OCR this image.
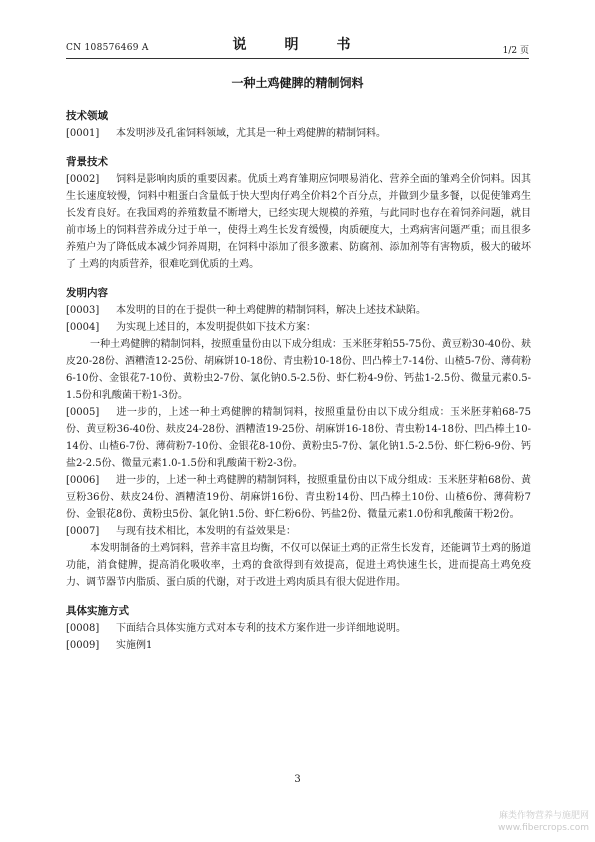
CN 108576469 A	说　明　书	1/2 页
一种土鸡健脾的精制饲料

技术领域

[0001] 本发明涉及孔雀饲料领域，尤其是一种土鸡健脾的精制饲料。

背景技术

[0002] 饲料是影响肉质的重要因素。优质土鸡育雏期应饲喂易消化、营养全面的雏鸡全价饲料。因其生长速度较慢，饲料中粗蛋白含量低于快大型肉仔鸡全价料2个百分点，并做到少量多餐，以促使雏鸡生长发育良好。在我国鸡的养殖数量不断增大，已经实现大规模的养殖，与此同时也存在着饲养问题，就目前市场上的饲料营养成分过于单一，使得土鸡生长发育缓慢，肉质硬度大，土鸡病害问题严重；而且很多养殖户为了降低成本减少饲养周期，在饲料中添加了很多激素、防腐剂、添加剂等有害物质，极大的破坏了 土鸡的肉质营养，很难吃到优质的土鸡。

发明内容

[0003] 本发明的目的在于提供一种土鸡健脾的精制饲料，解决上述技术缺陷。

[0004] 为实现上述目的，本发明提供如下技术方案：

一种土鸡健脾的精制饲料，按照重量份由以下成分组成：玉米胚芽粕55-75份、黄豆粉30-40份、麸皮20-28份、酒糟渣12-25份、胡麻饼10-18份、青虫粉10-18份、凹凸棒土7-14份、山楂5-7份、薄荷粉6-10份、金银花7-10份、黄粉虫2-7份、氯化钠0.5-2.5份、虾仁粉4-9份、钙盐1-2.5份、微量元素0.5-1.5份和乳酸菌干粉1-3份。

[0005] 进一步的，上述一种土鸡健脾的精制饲料，按照重量份由以下成分组成：玉米胚芽粕68-75份、黄豆粉36-40份、麸皮24-28份、酒糟渣19-25份、胡麻饼16-18份、青虫粉14-18份、凹凸棒土10-14份、山楂6-7份、薄荷粉7-10份、金银花8-10份、黄粉虫5-7份、氯化钠1.5-2.5份、虾仁粉6-9份、钙盐2-2.5份、微量元素1.0-1.5份和乳酸菌干粉2-3份。

[0006] 进一步的，上述一种土鸡健脾的精制饲料，按照重量份由以下成分组成：玉米胚芽粕68份、黄豆粉36份、麸皮24份、酒糟渣19份、胡麻饼16份、青虫粉14份、凹凸棒土10份、山楂6份、薄荷粉7份、金银花8份、黄粉虫5份、氯化钠1.5份、虾仁粉6份、钙盐2份、微量元素1.0份和乳酸菌干粉2份。

[0007] 与现有技术相比，本发明的有益效果是：

本发明制备的土鸡饲料，营养丰富且均衡，不仅可以保证土鸡的正常生长发育，还能调节土鸡的肠道功能，消食健脾，提高消化吸收率，土鸡的食欲得到有效提高，促进土鸡快速生长，进而提高土鸡免疫力、调节器节内脂质、蛋白质的代谢，对于改进土鸡肉质具有很大促进作用。

具体实施方式

[0008] 下面结合具体实施方式对本专利的技术方案作进一步详细地说明。

[0009] 实施例1

3
麻类作物营养与施肥网
www.fibercrops.com
